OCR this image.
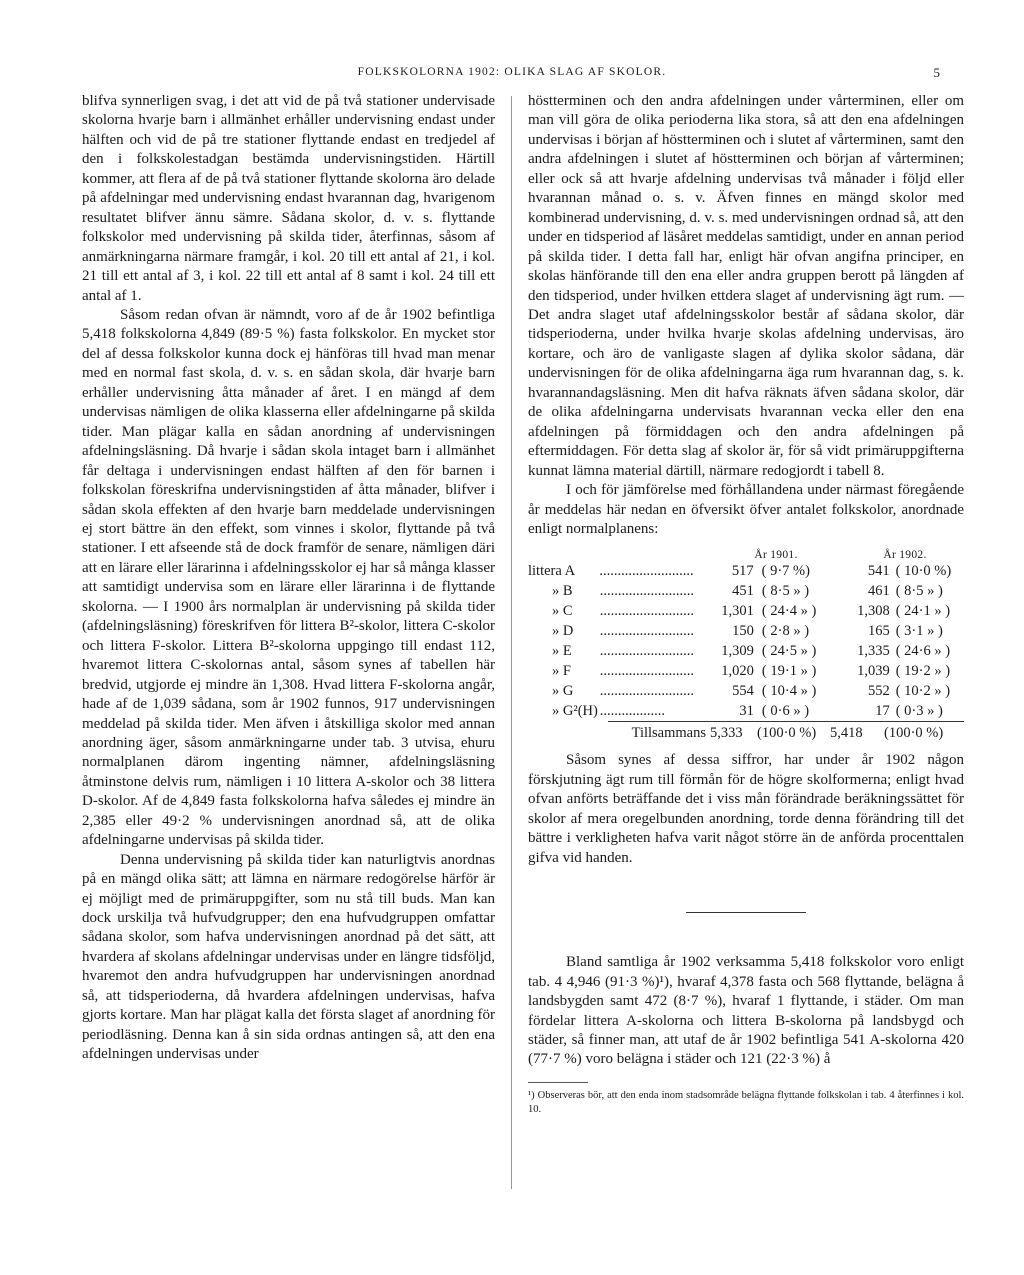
FOLKSKOLORNA 1902: OLIKA SLAG AF SKOLOR.	5

blifva synnerligen svag, i det att vid de på två stationer undervisade skolorna hvarje barn i allmänhet erhåller undervisning endast under hälften och vid de på tre stationer flyttande endast en tredjedel af den i folkskolestadgan bestämda undervisningstiden. Härtill kommer, att flera af de på två stationer flyttande skolorna äro delade på afdelningar med undervisning endast hvarannan dag, hvarigenom resultatet blifver ännu sämre. Sådana skolor, d. v. s. flyttande folkskolor med undervisning på skilda tider, återfinnas, såsom af anmärkningarna närmare framgår, i kol. 20 till ett antal af 21, i kol. 21 till ett antal af 3, i kol. 22 till ett antal af 8 samt i kol. 24 till ett antal af 1.

Såsom redan ofvan är nämndt, voro af de år 1902 befintliga 5,418 folkskolorna 4,849 (89·5 %) fasta folkskolor. En mycket stor del af dessa folkskolor kunna dock ej hänföras till hvad man menar med en normal fast skola, d. v. s. en sådan skola, där hvarje barn erhåller undervisning åtta månader af året. I en mängd af dem undervisas nämligen de olika klasserna eller afdelningarne på skilda tider. Man plägar kalla en sådan anordning af undervisningen afdelningsläsning. Då hvarje i sådan skola intaget barn i allmänhet får deltaga i undervisningen endast hälften af den för barnen i folkskolan föreskrifna undervisningstiden af åtta månader, blifver i sådan skola effekten af den hvarje barn meddelade undervisningen ej stort bättre än den effekt, som vinnes i skolor, flyttande på två stationer. I ett afseende stå de dock framför de senare, nämligen däri att en lärare eller lärarinna i afdelningsskolor ej har så många klasser att samtidigt undervisa som en lärare eller lärarinna i de flyttande skolorna. — I 1900 års normalplan är undervisning på skilda tider (afdelningsläsning) föreskrifven för littera B²-skolor, littera C-skolor och littera F-skolor. Littera B²-skolorna uppgingo till endast 112, hvaremot littera C-skolornas antal, såsom synes af tabellen här bredvid, utgjorde ej mindre än 1,308. Hvad littera F-skolorna angår, hade af de 1,039 sådana, som år 1902 funnos, 917 undervisningen meddelad på skilda tider. Men äfven i åtskilliga skolor med annan anordning äger, såsom anmärkningarne under tab. 3 utvisa, ehuru normalplanen därom ingenting nämner, afdelningsläsning åtminstone delvis rum, nämligen i 10 littera A-skolor och 38 littera D-skolor. Af de 4,849 fasta folkskolorna hafva således ej mindre än 2,385 eller 49·2 % undervisningen anordnad så, att de olika afdelningarne undervisas på skilda tider.

Denna undervisning på skilda tider kan naturligtvis anordnas på en mängd olika sätt; att lämna en närmare redogörelse härför är ej möjligt med de primäruppgifter, som nu stå till buds. Man kan dock urskilja två hufvudgrupper; den ena hufvudgruppen omfattar sådana skolor, som hafva undervisningen anordnad på det sätt, att hvardera af skolans afdelningar undervisas under en längre tidsföljd, hvaremot den andra hufvudgruppen har undervisningen anordnad så, att tidsperioderna, då hvardera afdelningen undervisas, hafva gjorts kortare. Man har plägat kalla det första slaget af anordning för periodläsning. Denna kan å sin sida ordnas antingen så, att den ena afdelningen undervisas under

höstterminen och den andra afdelningen under vårterminen, eller om man vill göra de olika perioderna lika stora, så att den ena afdelningen undervisas i början af höstterminen och i slutet af vårterminen, samt den andra afdelningen i slutet af höstterminen och början af vårterminen; eller ock så att hvarje afdelning undervisas två månader i följd eller hvarannan månad o. s. v. Äfven finnes en mängd skolor med kombinerad undervisning, d. v. s. med undervisningen ordnad så, att den under en tidsperiod af läsåret meddelas samtidigt, under en annan period på skilda tider. I detta fall har, enligt här ofvan angifna principer, en skolas hänförande till den ena eller andra gruppen berott på längden af den tidsperiod, under hvilken ettdera slaget af undervisning ägt rum. — Det andra slaget utaf afdelningsskolor består af sådana skolor, där tidsperioderna, under hvilka hvarje skolas afdelning undervisas, äro kortare, och äro de vanligaste slagen af dylika skolor sådana, där undervisningen för de olika afdelningarna äga rum hvarannan dag, s. k. hvarannandagsläsning. Men dit hafva räknats äfven sådana skolor, där de olika afdelningarna undervisats hvarannan vecka eller den ena afdelningen på förmiddagen och den andra afdelningen på eftermiddagen. För detta slag af skolor är, för så vidt primäruppgifterna kunnat lämna material därtill, närmare redogjordt i tabell 8.

I och för jämförelse med förhållandena under närmast föregående år meddelas här nedan en öfversikt öfver antalet folkskolor, anordnade enligt normalplanens:

År 1901.	År 1902.
littera A	..........................	517 ( 9·7 %)	541 ( 10·0 %)
» B	..........................	451 ( 8·5 » )	461 ( 8·5 » )
» C	..........................	1,301 ( 24·4 » )	1,308 ( 24·1 » )
» D	..........................	150 ( 2·8 » )	165 ( 3·1 » )
» E	..........................	1,309 ( 24·5 » )	1,335 ( 24·6 » )
» F	..........................	1,020 ( 19·1 » )	1,039 ( 19·2 » )
» G	..........................	554 ( 10·4 » )	552 ( 10·2 » )
» G²(H) ..................	31 ( 0·6 » )	17 ( 0·3 » )
Tillsammans 5,333 (100·0 %) 5,418	(100·0 %)

Såsom synes af dessa siffror, har under år 1902 någon förskjutning ägt rum till förmån för de högre skolformerna; enligt hvad ofvan anförts beträffande det i viss mån förändrade beräkningssättet för skolor af mera oregelbunden anordning, torde denna förändring till det bättre i verkligheten hafva varit något större än de anförda procenttalen gifva vid handen.

Bland samtliga år 1902 verksamma 5,418 folkskolor voro enligt tab. 4 4,946 (91·3 %)¹), hvaraf 4,378 fasta och 568 flyttande, belägna å landsbygden samt 472 (8·7 %), hvaraf 1 flyttande, i städer. Om man fördelar littera A-skolorna och littera B-skolorna på landsbygd och städer, så finner man, att utaf de år 1902 befintliga 541 A-skolorna 420 (77·7 %) voro belägna i städer och 121 (22·3 %) å

¹) Observeras bör, att den enda inom stadsområde belägna flyttande folkskolan i tab. 4 återfinnes i kol. 10.
